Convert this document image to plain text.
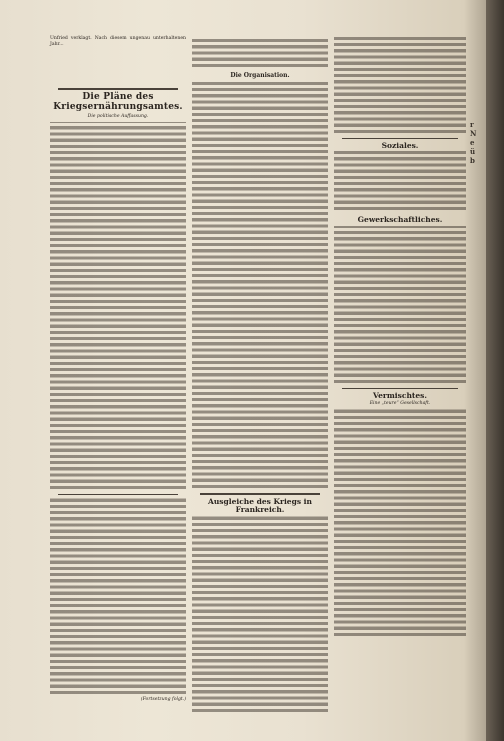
r
N
e
ü
b

Unfried verklagt. Nach diesem ungenau unterhaltenen Jahr...

Die Pläne des Kriegsernährungsamtes.
Die politische Auffassung.
(Fortsetzung folgt.)
Die Organisation.
Ausgleiche des Kriegs in Frankreich.
Soziales.
Gewerkschaftliches.
Vermischtes.
Eine „teure“ Gesellschaft.
